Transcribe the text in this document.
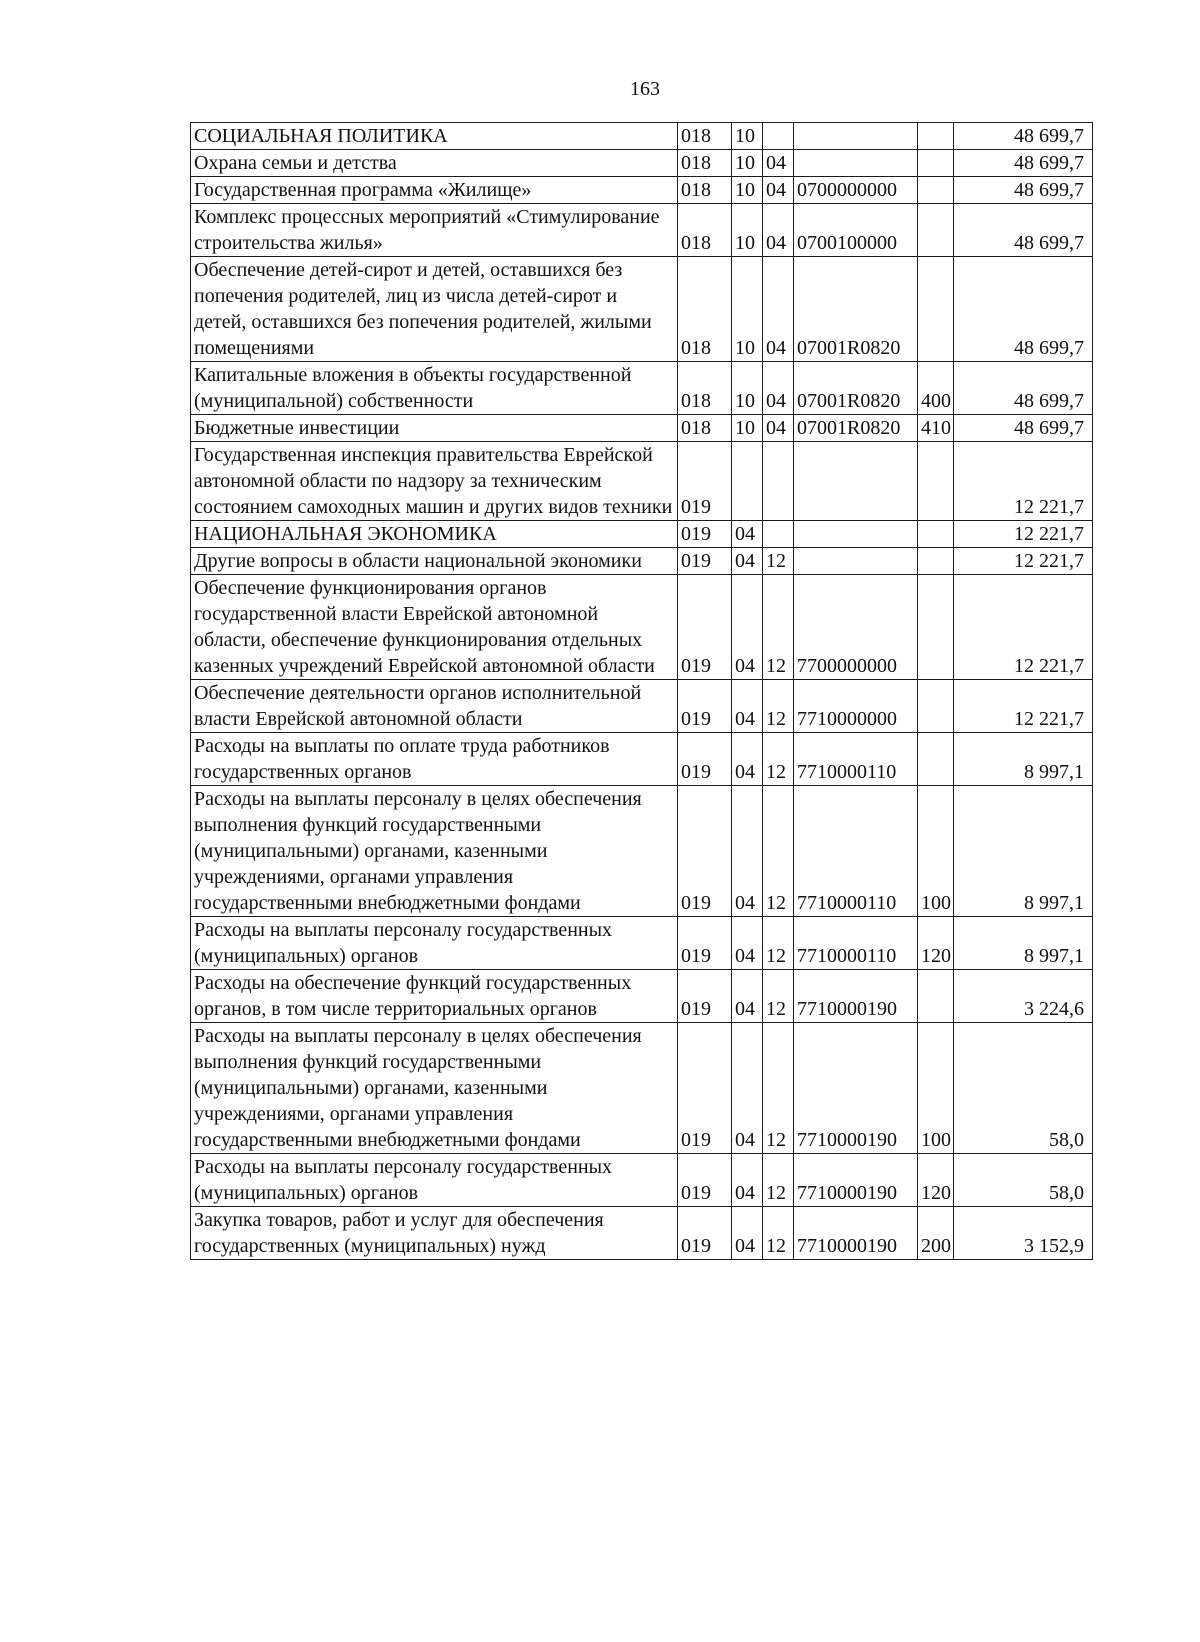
163
СОЦИАЛЬНАЯ ПОЛИТИКА	018	10				48 699,7
Охрана семьи и детства	018	10	04			48 699,7
Государственная программа «Жилище»	018	10	04	0700000000		48 699,7
Комплекс процессных мероприятий «Стимулирование строительства жилья»	018	10	04	0700100000		48 699,7
Обеспечение детей-сирот и детей, оставшихся без попечения родителей, лиц из числа детей-сирот и детей, оставшихся без попечения родителей, жилыми помещениями	018	10	04	07001R0820		48 699,7
Капитальные вложения в объекты государственной (муниципальной) собственности	018	10	04	07001R0820	400	48 699,7
Бюджетные инвестиции	018	10	04	07001R0820	410	48 699,7
Государственная инспекция правительства Еврейской автономной области по надзору за техническим состоянием самоходных машин и других видов техники	019					12 221,7
НАЦИОНАЛЬНАЯ ЭКОНОМИКА	019	04				12 221,7
Другие вопросы в области национальной экономики	019	04	12			12 221,7
Обеспечение функционирования органов государственной власти Еврейской автономной области, обеспечение функционирования отдельных казенных учреждений Еврейской автономной области	019	04	12	7700000000		12 221,7
Обеспечение деятельности органов исполнительной власти Еврейской автономной области	019	04	12	7710000000		12 221,7
Расходы на выплаты по оплате труда работников государственных органов	019	04	12	7710000110		8 997,1
Расходы на выплаты персоналу в целях обеспечения выполнения функций государственными (муниципальными) органами, казенными учреждениями, органами управления государственными внебюджетными фондами	019	04	12	7710000110	100	8 997,1
Расходы на выплаты персоналу государственных (муниципальных) органов	019	04	12	7710000110	120	8 997,1
Расходы на обеспечение функций государственных органов, в том числе территориальных органов	019	04	12	7710000190		3 224,6
Расходы на выплаты персоналу в целях обеспечения выполнения функций государственными (муниципальными) органами, казенными учреждениями, органами управления государственными внебюджетными фондами	019	04	12	7710000190	100	58,0
Расходы на выплаты персоналу государственных (муниципальных) органов	019	04	12	7710000190	120	58,0
Закупка товаров, работ и услуг для обеспечения государственных (муниципальных) нужд	019	04	12	7710000190	200	3 152,9
